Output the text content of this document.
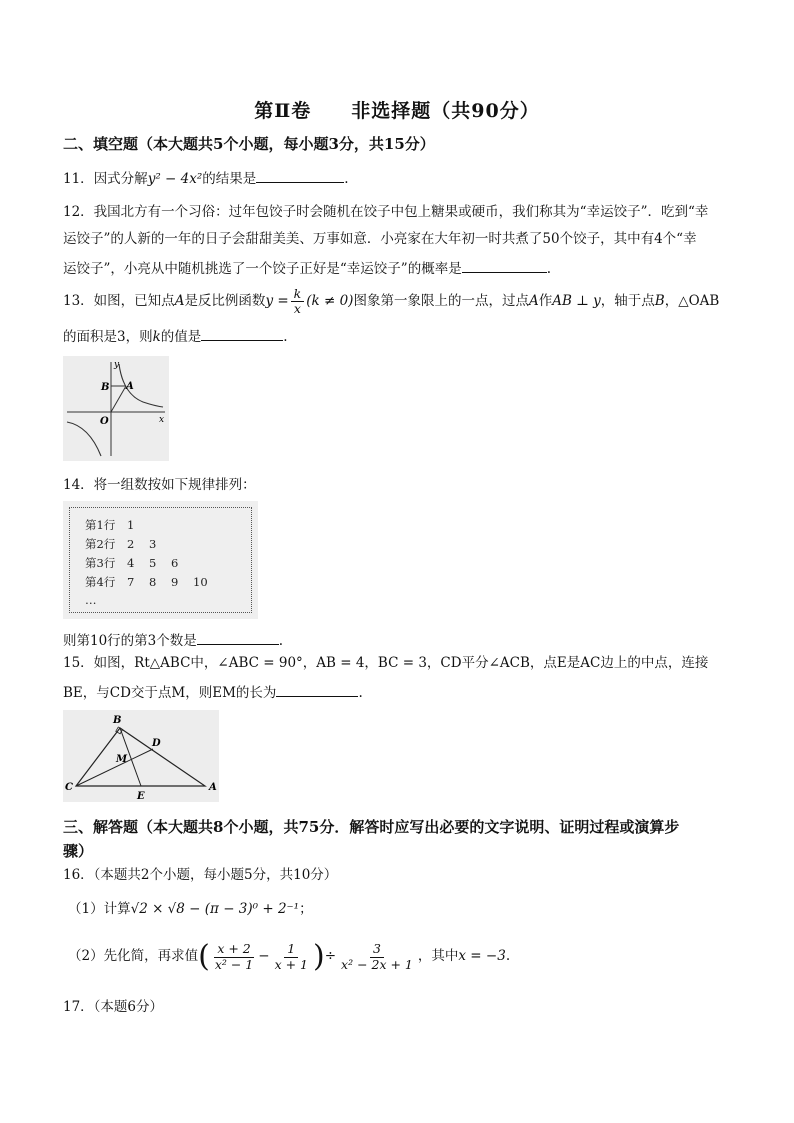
第Ⅱ卷 非选择题（共90分）
二、填空题（本大题共5个小题，每小题3分，共15分）
11．因式分解y² − 4x²的结果是	.
12．我国北方有一个习俗：过年包饺子时会随机在饺子中包上糖果或硬币，我们称其为“幸运饺子”．吃到“幸
运饺子”的人新的一年的日子会甜甜美美、万事如意．小亮家在大年初一时共煮了50个饺子，其中有4个“幸
运饺子”，小亮从中随机挑选了一个饺子正好是“幸运饺子”的概率是	.
13．如图，已知点 A 是反比例函数 $y = \frac{k}{x} (k \ne 0)$ 图象第一象限上的一点，过点 A 作 AB ⊥ y ，轴于点 B ，△OAB
的面积是3，则k的值是	.
y
B A
O	x
14．将一组数按如下规律排列：
第1行 1
第2行 2 3
第3行 4 5 6
第4行 7 8 9 10
…
则第10行的第3个数是	.
15．如图，Rt△ABC中，∠ABC = 90°，AB = 4，BC = 3，CD平分∠ACB，点E是AC边上的中点，连接
BE，与CD交于点M，则EM的长为	.
B
D
M
C
E
A
三、解答题（本大题共8个小题，共75分．解答时应写出必要的文字说明、证明过程或演算步
骤）
16．（本题共2个小题，每小题5分，共10分）
（1）计算√2 × √8 − (π − 3)⁰ + 2⁻¹；
（2）先化简，再求值 ( $\frac{x + 2}{\text{x² − 1}} - \frac{1}{x + 1}$ ) ÷ $\frac{3}{\text{x² − 2x + 1}}$ ，其中 x = −3 .
17．（本题6分）
